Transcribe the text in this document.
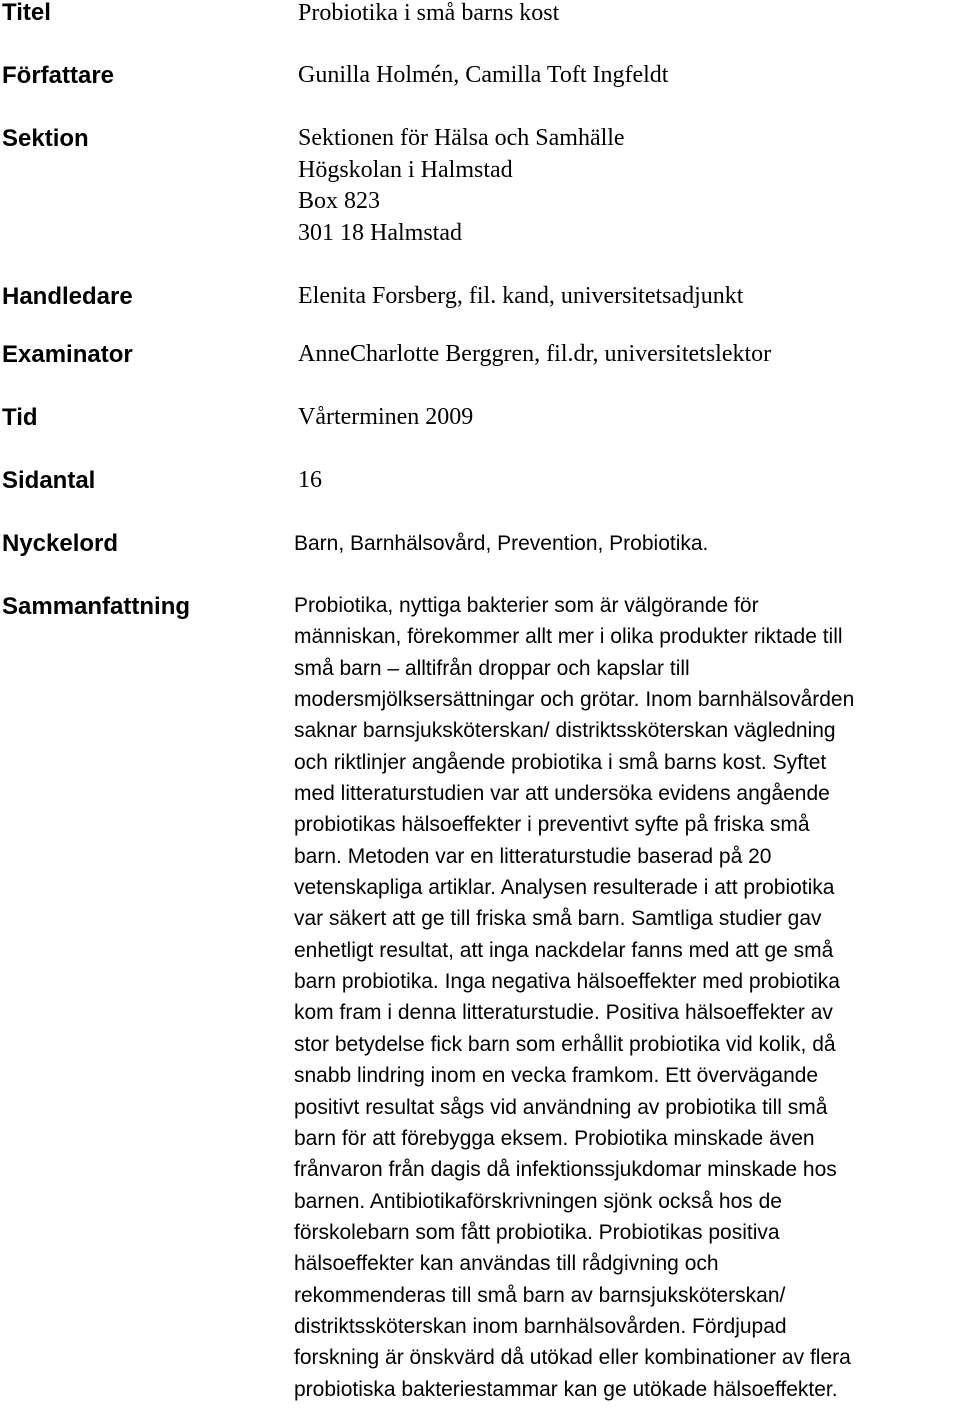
Titel
Författare
Sektion
Handledare
Examinator
Tid
Sidantal
Nyckelord
Sammanfattning
Probiotika i små barns kost
Gunilla Holmén, Camilla Toft Ingfeldt
Sektionen för Hälsa och Samhälle
Högskolan i Halmstad
Box 823
301 18 Halmstad
Elenita Forsberg, fil. kand, universitetsadjunkt
AnneCharlotte Berggren, fil.dr, universitetslektor
Vårterminen 2009
16
Barn, Barnhälsovård, Prevention, Probiotika.
Probiotika, nyttiga bakterier som är välgörande för
människan, förekommer allt mer i olika produkter riktade till
små barn – alltifrån droppar och kapslar till
modersmjölksersättningar och grötar. Inom barnhälsovården
saknar barnsjuksköterskan/ distriktssköterskan vägledning
och riktlinjer angående probiotika i små barns kost. Syftet
med litteraturstudien var att undersöka evidens angående
probiotikas hälsoeffekter i preventivt syfte på friska små
barn. Metoden var en litteraturstudie baserad på 20
vetenskapliga artiklar. Analysen resulterade i att probiotika
var säkert att ge till friska små barn. Samtliga studier gav
enhetligt resultat, att inga nackdelar fanns med att ge små
barn probiotika. Inga negativa hälsoeffekter med probiotika
kom fram i denna litteraturstudie. Positiva hälsoeffekter av
stor betydelse fick barn som erhållit probiotika vid kolik, då
snabb lindring inom en vecka framkom. Ett övervägande
positivt resultat sågs vid användning av probiotika till små
barn för att förebygga eksem. Probiotika minskade även
frånvaron från dagis då infektionssjukdomar minskade hos
barnen. Antibiotikaförskrivningen sjönk också hos de
förskolebarn som fått probiotika. Probiotikas positiva
hälsoeffekter kan användas till rådgivning och
rekommenderas till små barn av barnsjuksköterskan/
distriktssköterskan inom barnhälsovården. Fördjupad
forskning är önskvärd då utökad eller kombinationer av flera
probiotiska bakteriestammar kan ge utökade hälsoeffekter.
